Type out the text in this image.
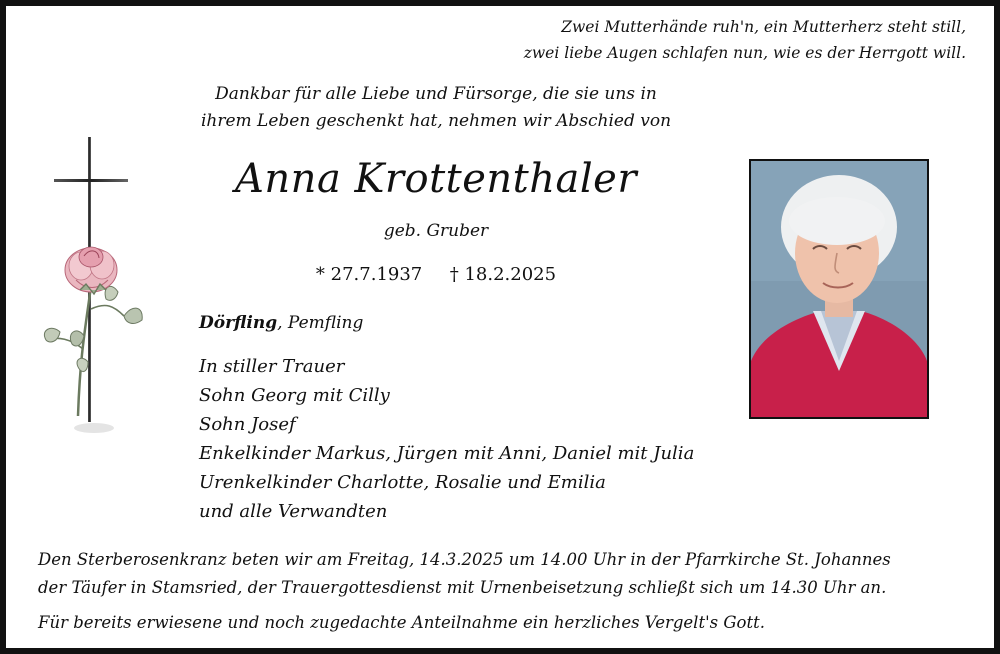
Zwei Mutterhände ruh'n, ein Mutterherz steht still,
zwei liebe Augen schlafen nun, wie es der Herrgott will.
Dankbar für alle Liebe und Fürsorge, die sie uns in
ihrem Leben geschenkt hat, nehmen wir Abschied von
Anna Krottenthaler
geb. Gruber
* 27.7.1937 † 18.2.2025
Dörfling, Pemfling
In stiller Trauer
Sohn Georg mit Cilly
Sohn Josef
Enkelkinder Markus, Jürgen mit Anni, Daniel mit Julia
Urenkelkinder Charlotte, Rosalie und Emilia
und alle Verwandten
Den Sterberosenkranz beten wir am Freitag, 14.3.2025 um 14.00 Uhr in der Pfarrkirche St. Johannes
der Täufer in Stamsried, der Trauergottesdienst mit Urnenbeisetzung schließt sich um 14.30 Uhr an.
Für bereits erwiesene und noch zugedachte Anteilnahme ein herzliches Vergelt's Gott.
